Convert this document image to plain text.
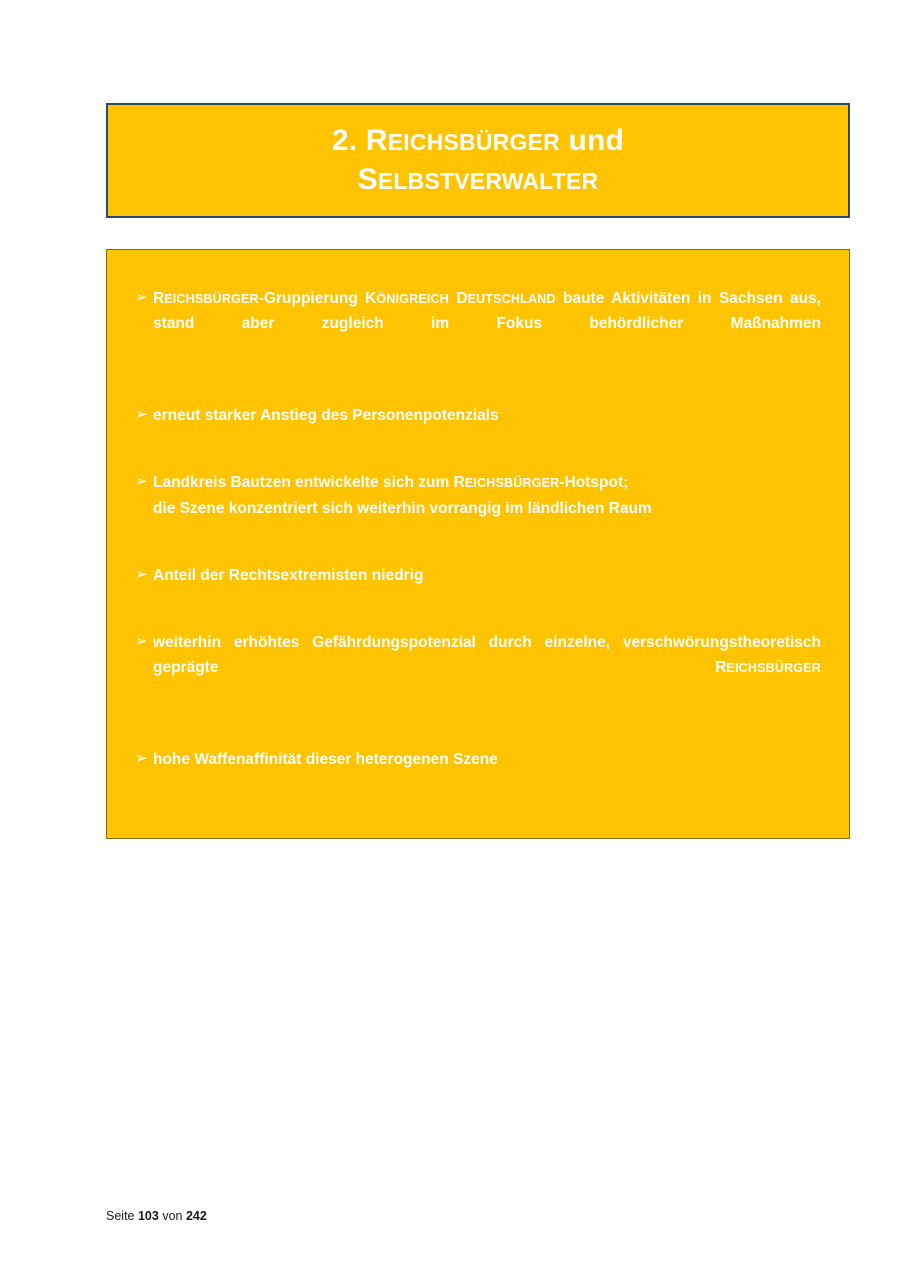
2. REICHSBÜRGER und
SELBSTVERWALTER
➢ REICHSBÜRGER-Gruppierung KÖNIGREICH DEUTSCHLAND baute Aktivitäten in Sachsen aus, stand aber zugleich im Fokus behördlicher Maßnahmen
➢ erneut starker Anstieg des Personenpotenzials
➢ Landkreis Bautzen entwickelte sich zum REICHSBÜRGER-Hotspot;
die Szene konzentriert sich weiterhin vorrangig im ländlichen Raum
➢ Anteil der Rechtsextremisten niedrig
➢ weiterhin erhöhtes Gefährdungspotenzial durch einzelne, verschwörungstheoretisch geprägte REICHSBÜRGER
➢ hohe Waffenaffinität dieser heterogenen Szene
Seite 103 von 242
